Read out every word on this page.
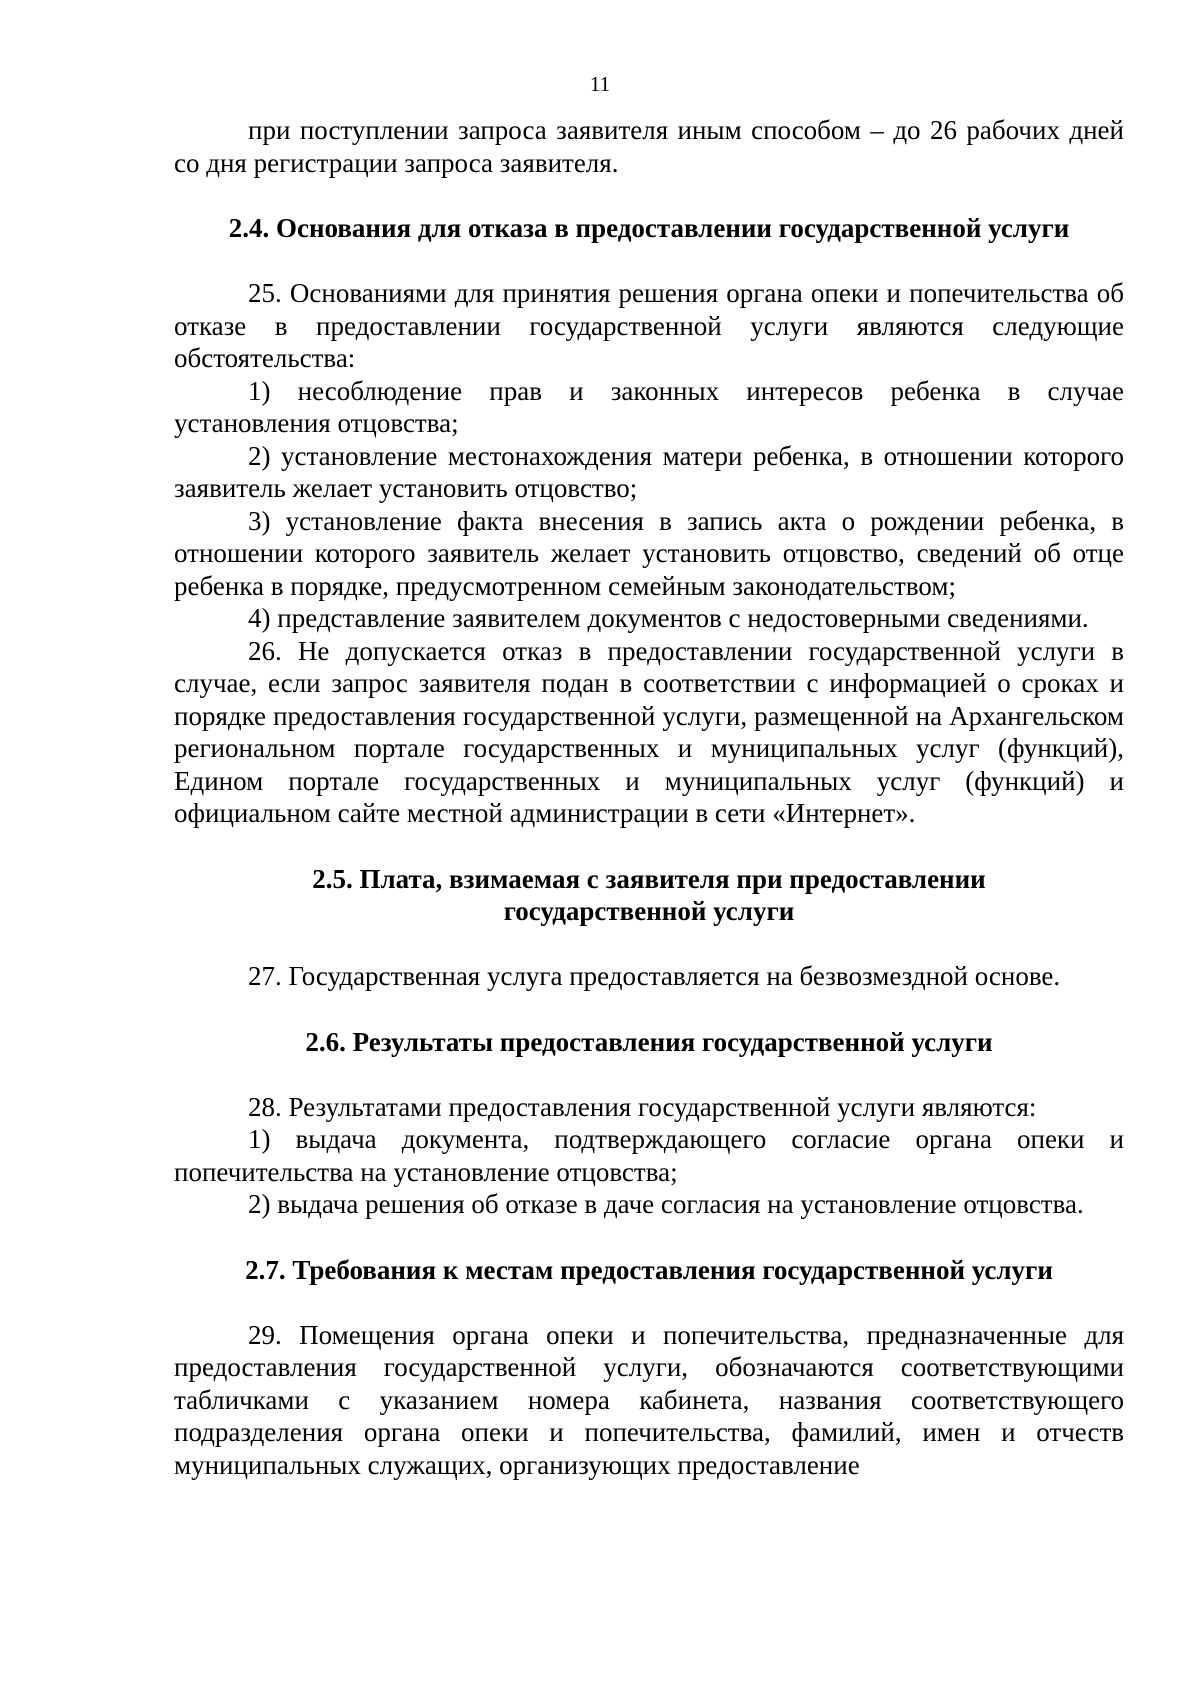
11

при поступлении запроса заявителя иным способом – до 26 рабочих дней со дня регистрации запроса заявителя.

2.4. Основания для отказа в предоставлении государственной услуги

25. Основаниями для принятия решения органа опеки и попечительства об отказе в предоставлении государственной услуги являются следующие обстоятельства:

1) несоблюдение прав и законных интересов ребенка в случае установления отцовства;

2) установление местонахождения матери ребенка, в отношении которого заявитель желает установить отцовство;

3) установление факта внесения в запись акта о рождении ребенка, в отношении которого заявитель желает установить отцовство, сведений об отце ребенка в порядке, предусмотренном семейным законодательством;

4) представление заявителем документов с недостоверными сведениями.

26. Не допускается отказ в предоставлении государственной услуги в случае, если запрос заявителя подан в соответствии с информацией о сроках и порядке предоставления государственной услуги, размещенной на Архангельском региональном портале государственных и муниципальных услуг (функций), Едином портале государственных и муниципальных услуг (функций) и официальном сайте местной администрации в сети «Интернет».

2.5. Плата, взимаемая с заявителя при предоставлении
государственной услуги

27. Государственная услуга предоставляется на безвозмездной основе.

2.6. Результаты предоставления государственной услуги

28. Результатами предоставления государственной услуги являются:

1) выдача документа, подтверждающего согласие органа опеки и попечительства на установление отцовства;

2) выдача решения об отказе в даче согласия на установление отцовства.

2.7. Требования к местам предоставления государственной услуги

29. Помещения органа опеки и попечительства, предназначенные для предоставления государственной услуги, обозначаются соответствующими табличками с указанием номера кабинета, названия соответствующего подразделения органа опеки и попечительства, фамилий, имен и отчеств муниципальных служащих, организующих предоставление
